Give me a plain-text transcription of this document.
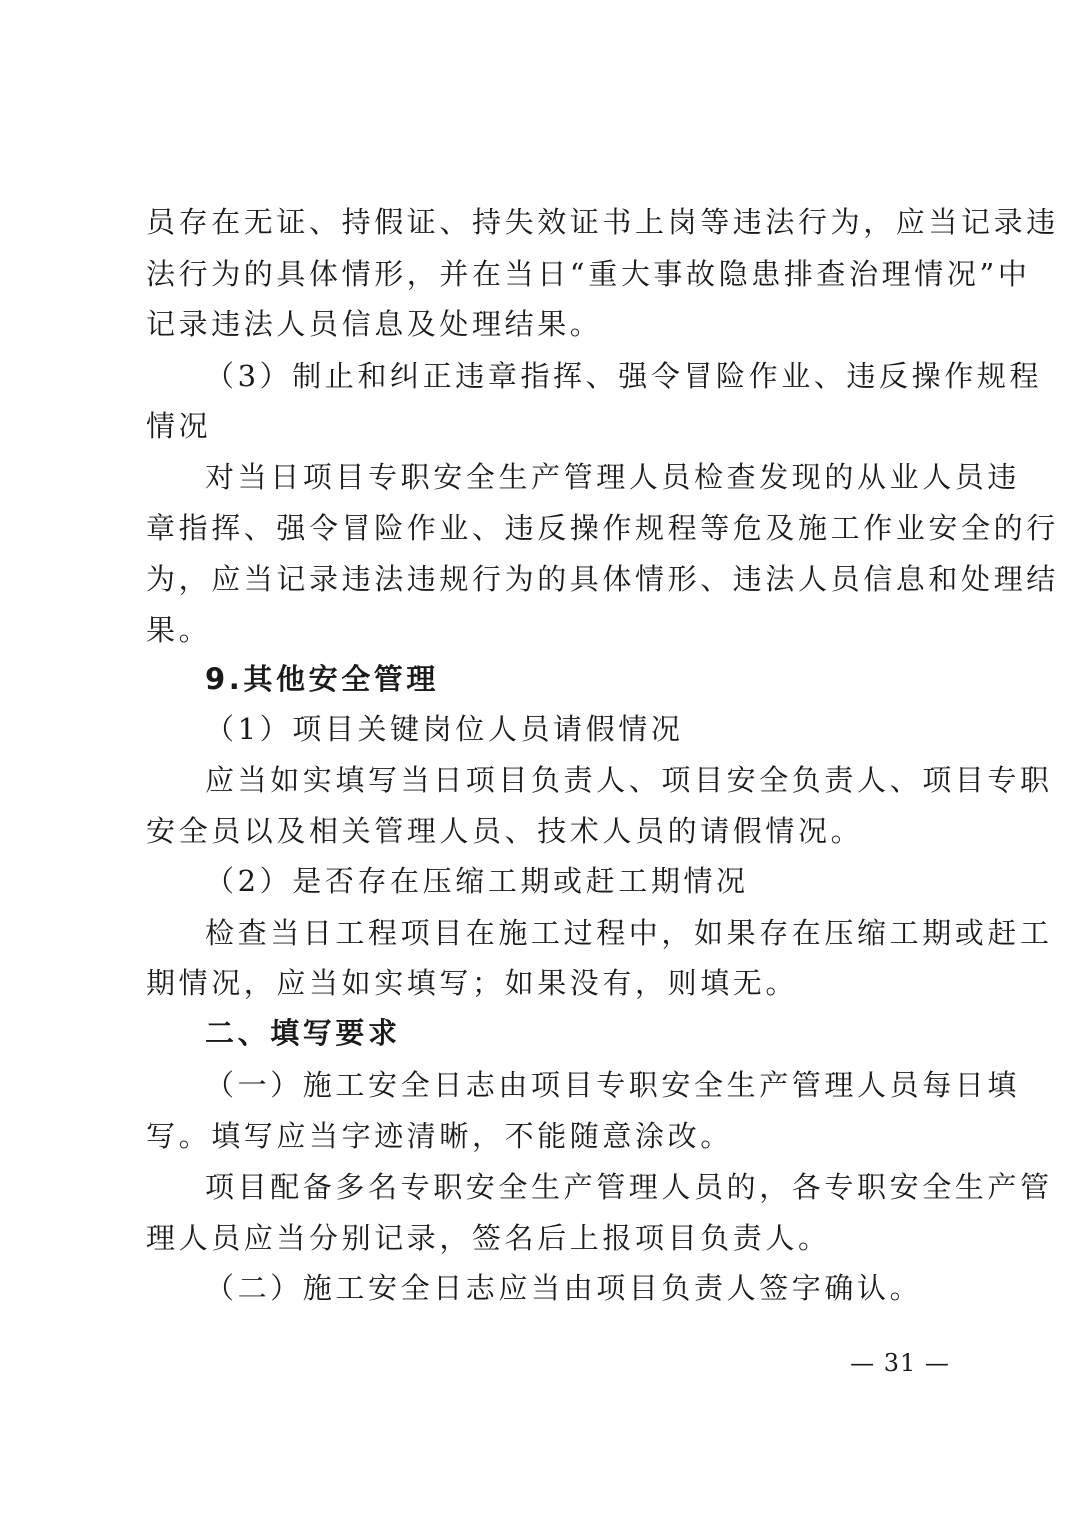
员存在无证、持假证、持失效证书上岗等违法行为，应当记录违
法行为的具体情形，并在当日“重大事故隐患排查治理情况”中
记录违法人员信息及处理结果。
（3）制止和纠正违章指挥、强令冒险作业、违反操作规程
情况
对当日项目专职安全生产管理人员检查发现的从业人员违
章指挥、强令冒险作业、违反操作规程等危及施工作业安全的行
为，应当记录违法违规行为的具体情形、违法人员信息和处理结
果。
9.其他安全管理
（1）项目关键岗位人员请假情况
应当如实填写当日项目负责人、项目安全负责人、项目专职
安全员以及相关管理人员、技术人员的请假情况。
（2）是否存在压缩工期或赶工期情况
检查当日工程项目在施工过程中，如果存在压缩工期或赶工
期情况，应当如实填写；如果没有，则填无。
二、填写要求
（一）施工安全日志由项目专职安全生产管理人员每日填
写。填写应当字迹清晰，不能随意涂改。
项目配备多名专职安全生产管理人员的，各专职安全生产管
理人员应当分别记录，签名后上报项目负责人。
（二）施工安全日志应当由项目负责人签字确认。
— 31 —
